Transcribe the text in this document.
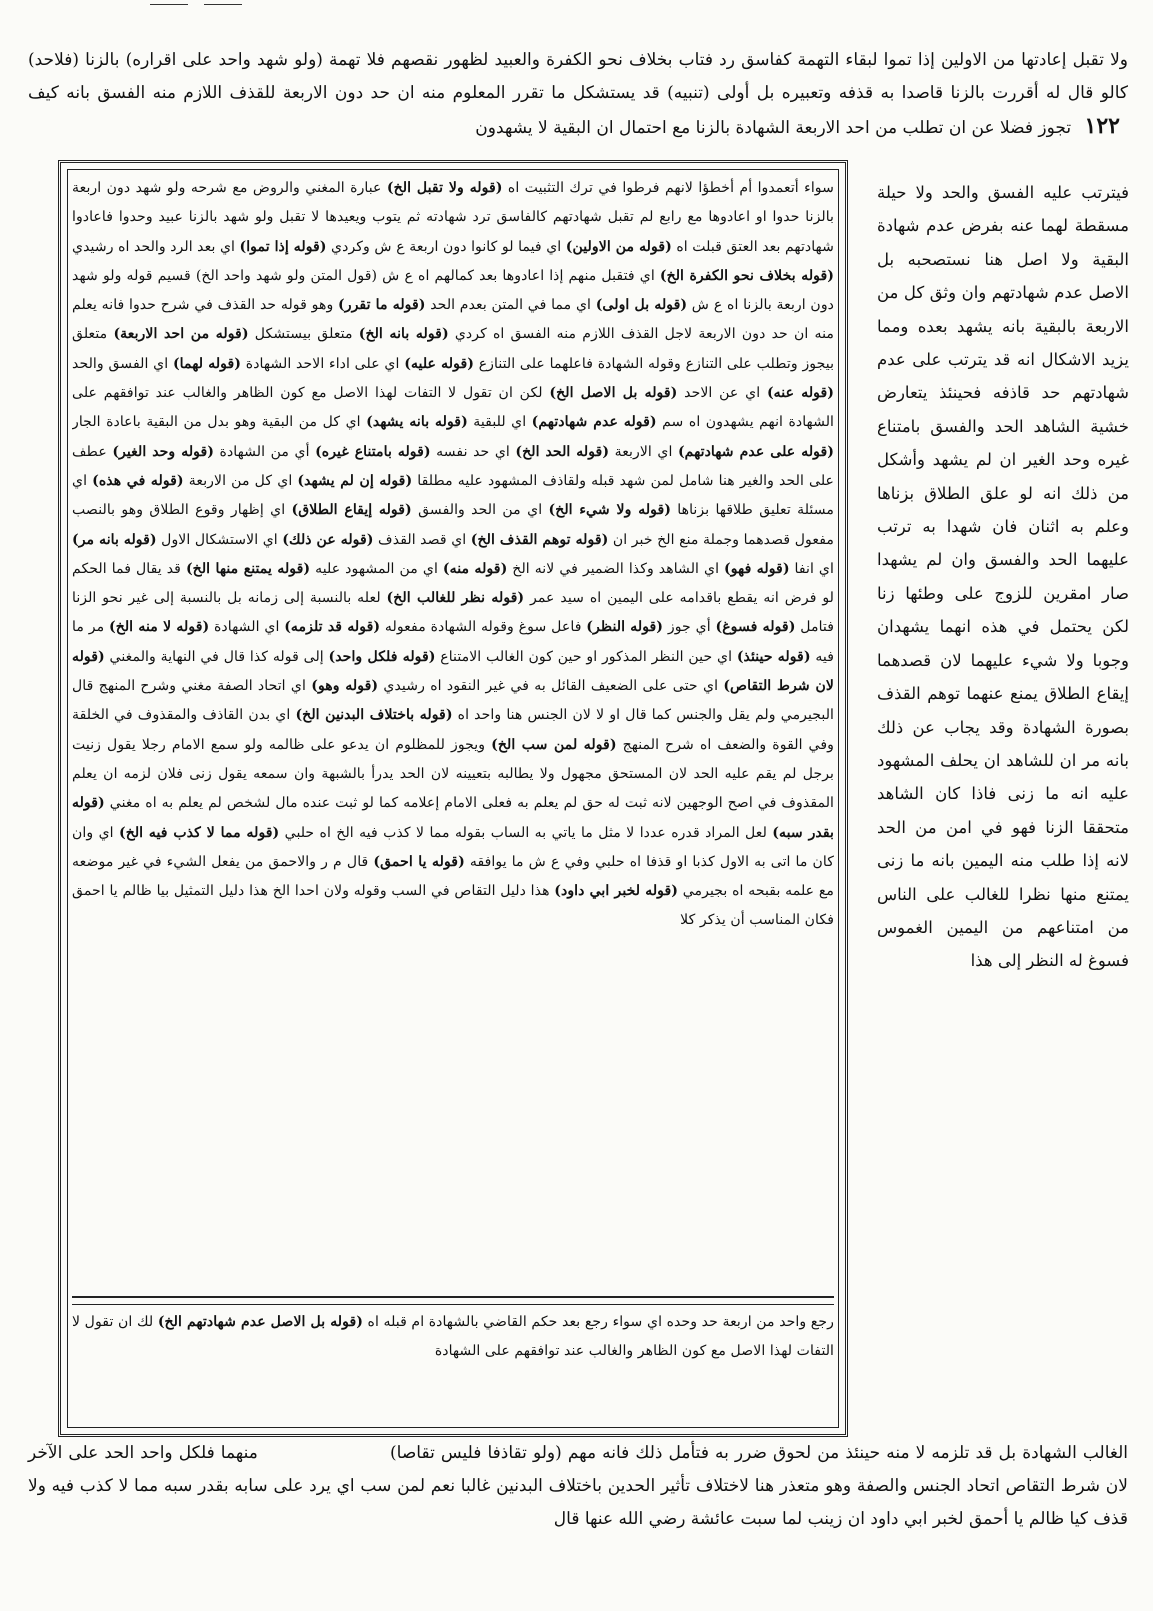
ولا تقبل إعادتها من الاولين إذا تموا لبقاء التهمة كفاسق رد فتاب بخلاف نحو الكفرة والعبيد لظهور نقصهم فلا تهمة (ولو شهد واحد على اقراره) بالزنا (فلاحد) كالو قال له أقررت بالزنا قاصدا به قذفه وتعبيره بل أولى (تنبيه) قد يستشكل ما تقرر المعلوم منه ان حد دون الاربعة للقذف اللازم منه الفسق بانه كيف ۱۲۲ تجوز فضلا عن ان تطلب من احد الاربعة الشهادة بالزنا مع احتمال ان البقية لا يشهدون

فيترتب عليه الفسق والحد ولا حيلة مسقطة لهما عنه بفرض عدم شهادة البقية ولا اصل هنا نستصحبه بل الاصل عدم شهادتهم وان وثق كل من الاربعة بالبقية بانه يشهد بعده ومما يزيد الاشكال انه قد يترتب على عدم شهادتهم حد قاذفه فحينئذ يتعارض خشية الشاهد الحد والفسق بامتناع غيره وحد الغير ان لم يشهد وأشكل من ذلك انه لو علق الطلاق بزناها وعلم به اثنان فان شهدا به ترتب عليهما الحد والفسق وان لم يشهدا صار امقرين للزوج على وطئها زنا لكن يحتمل في هذه انهما يشهدان وجوبا ولا شيء عليهما لان قصدهما إيقاع الطلاق يمنع عنهما توهم القذف بصورة الشهادة وقد يجاب عن ذلك بانه مر ان للشاهد ان يحلف المشهود عليه انه ما زنى فاذا كان الشاهد متحققا الزنا فهو في امن من الحد لانه إذا طلب منه اليمين بانه ما زنى يمتنع منها نظرا للغالب على الناس من امتناعهم من اليمين الغموس فسوغ له النظر إلى هذا

سواء أتعمدوا أم أخطؤا لانهم فرطوا في ترك التثبيت اه (قوله ولا تقبل الخ) عبارة المغني والروض مع شرحه ولو شهد دون اربعة بالزنا حدوا او اعادوها مع رابع لم تقبل شهادتهم كالفاسق ترد شهادته ثم يتوب ويعيدها لا تقبل ولو شهد بالزنا عبيد وحدوا فاعادوا شهادتهم بعد العتق قبلت اه (قوله من الاولين) اي فيما لو كانوا دون اربعة ع ش وكردي (قوله إذا تموا) اي بعد الرد والحد اه رشيدي (قوله بخلاف نحو الكفرة الخ) اي فتقبل منهم إذا اعادوها بعد كمالهم اه ع ش (قول المتن ولو شهد واحد الخ) قسيم قوله ولو شهد دون اربعة بالزنا اه ع ش (قوله بل اولى) اي مما في المتن بعدم الحد (قوله ما تقرر) وهو قوله حد القذف في شرح حدوا فانه يعلم منه ان حد دون الاربعة لاجل القذف اللازم منه الفسق اه كردي (قوله بانه الخ) متعلق بيستشكل (قوله من احد الاربعة) متعلق بيجوز وتطلب على التنازع وقوله الشهادة فاعلهما على التنازع (قوله عليه) اي على اداء الاحد الشهادة (قوله لهما) اي الفسق والحد (قوله عنه) اي عن الاحد (قوله بل الاصل الخ) لكن ان تقول لا التفات لهذا الاصل مع كون الظاهر والغالب عند توافقهم على الشهادة انهم يشهدون اه سم (قوله عدم شهادتهم) اي للبقية (قوله بانه يشهد) اي كل من البقية وهو بدل من البقية باعادة الجار (قوله على عدم شهادتهم) اي الاربعة (قوله الحد الخ) اي حد نفسه (قوله بامتناع غيره) أي من الشهادة (قوله وحد الغير) عطف على الحد والغير هنا شامل لمن شهد قبله ولقاذف المشهود عليه مطلقا (قوله إن لم يشهد) اي كل من الاربعة (قوله في هذه) اي مسئلة تعليق طلاقها بزناها (قوله ولا شيء الخ) اي من الحد والفسق (قوله إيقاع الطلاق) اي إظهار وقوع الطلاق وهو بالنصب مفعول قصدهما وجملة منع الخ خبر ان (قوله توهم القذف الخ) اي قصد القذف (قوله عن ذلك) اي الاستشكال الاول (قوله بانه مر) اي انفا (قوله فهو) اي الشاهد وكذا الضمير في لانه الخ (قوله منه) اي من المشهود عليه (قوله يمتنع منها الخ) قد يقال فما الحكم لو فرض انه يقطع باقدامه على اليمين اه سيد عمر (قوله نظر للغالب الخ) لعله بالنسبة إلى زمانه بل بالنسبة إلى غير نحو الزنا فتامل (قوله فسوغ) أي جوز (قوله النظر) فاعل سوغ وقوله الشهادة مفعوله (قوله قد تلزمه) اي الشهادة (قوله لا منه الخ) مر ما فيه (قوله حينئذ) اي حين النظر المذكور او حين كون الغالب الامتناع (قوله فلكل واحد) إلى قوله كذا قال في النهاية والمغني (قوله لان شرط التقاص) اي حتى على الضعيف القائل به في غير النقود اه رشيدي (قوله وهو) اي اتحاد الصفة مغني وشرح المنهج قال البجيرمي ولم يقل والجنس كما قال او لا لان الجنس هنا واحد اه (قوله باختلاف البدنين الخ) اي بدن القاذف والمقذوف في الخلقة وفي القوة والضعف اه شرح المنهج (قوله لمن سب الخ) ويجوز للمظلوم ان يدعو على ظالمه ولو سمع الامام رجلا يقول زنيت برجل لم يقم عليه الحد لان المستحق مجهول ولا يطالبه بتعيينه لان الحد يدرأ بالشبهة وان سمعه يقول زنى فلان لزمه ان يعلم المقذوف في اصح الوجهين لانه ثبت له حق لم يعلم به فعلى الامام إعلامه كما لو ثبت عنده مال لشخص لم يعلم به اه مغني (قوله بقدر سبه) لعل المراد قدره عددا لا مثل ما ياتي به الساب بقوله مما لا كذب فيه الخ اه حلبي (قوله مما لا كذب فيه الخ) اي وان كان ما اتى به الاول كذبا او قذفا اه حلبي وفي ع ش ما يوافقه (قوله يا احمق) قال م ر والاحمق من يفعل الشيء في غير موضعه مع علمه بقبحه اه بجيرمي (قوله لخبر ابي داود) هذا دليل التقاص في السب وقوله ولان احدا الخ هذا دليل التمثيل بيا ظالم يا احمق فكان المناسب أن يذكر كلا

رجع واحد من اربعة حد وحده اي سواء رجع بعد حكم القاضي بالشهادة ام قبله اه (قوله بل الاصل عدم شهادتهم الخ) لك ان تقول لا التفات لهذا الاصل مع كون الظاهر والغالب عند توافقهم على الشهادة

الغالب الشهادة بل قد تلزمه لا منه حينئذ من لحوق ضرر به فتأمل ذلك فانه مهم (ولو تقاذفا فليس تقاصا)  منهما فلكل واحد الحد على الآخر لان شرط التقاص اتحاد الجنس والصفة وهو متعذر هنا لاختلاف تأثير الحدين باختلاف البدنين غالبا نعم لمن سب اي يرد على سابه بقدر سبه مما لا كذب فيه ولا قذف كيا ظالم يا أحمق لخبر ابي داود ان زينب لما سبت عائشة رضي الله عنها قال
